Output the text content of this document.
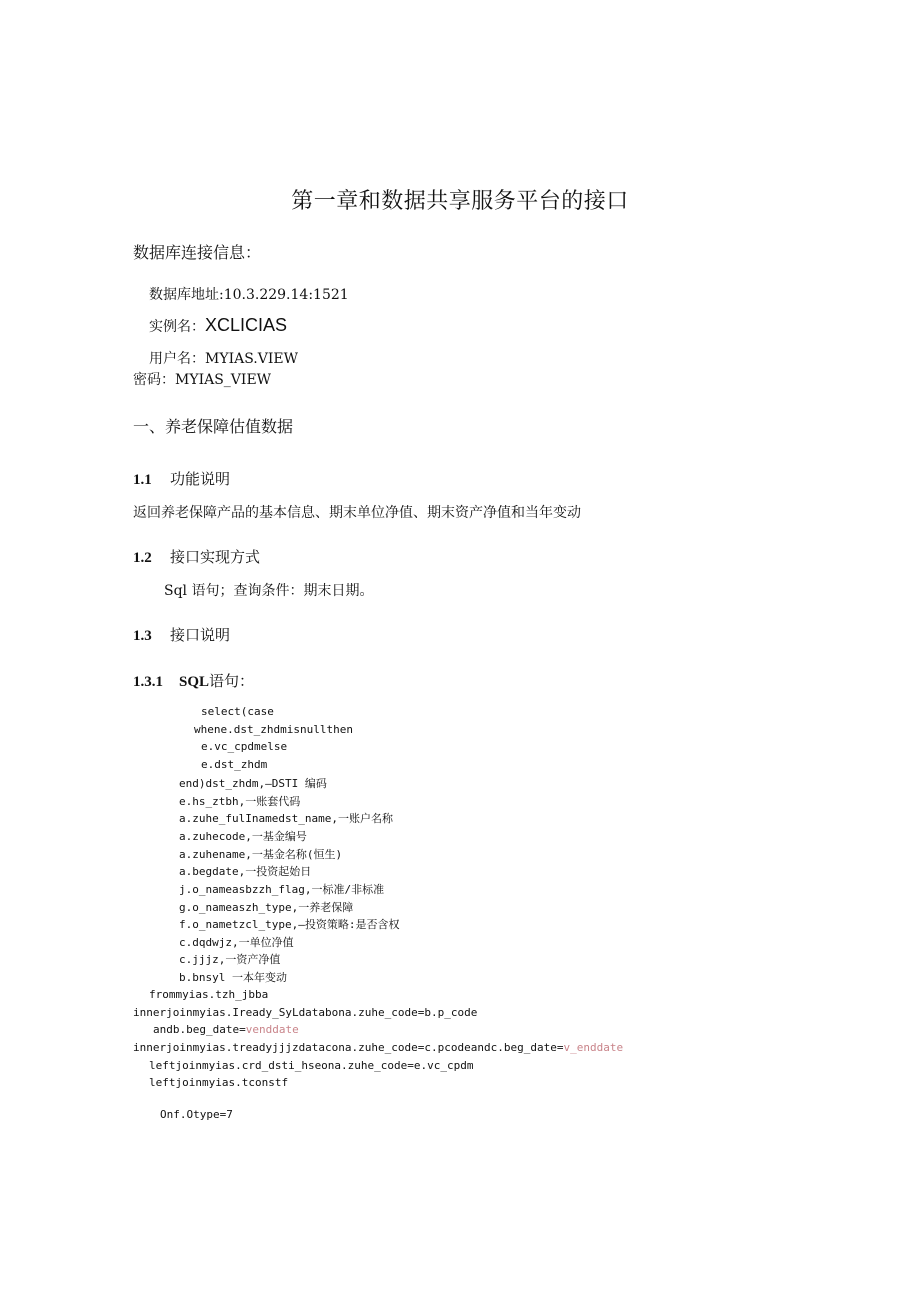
第一章和数据共享服务平台的接口
数据库连接信息：
数据库地址:10.3.229.14:1521
实例名：XCLICIAS
用户名：MYIAS.VIEW
密码：MYIAS_VIEW
一、养老保障估值数据
1.1 功能说明
返回养老保障产品的基本信息、期末单位净值、期末资产净值和当年变动
1.2 接口实现方式
Sql 语句；查询条件：期末日期。
1.3 接口说明
1.3.1 SQL语句：
select(case
whene.dst_zhdmisnullthen
e.vc_cpdmelse
e.dst_zhdm
end)dst_zhdm,—DSTI 编码
e.hs_ztbh,一账套代码
a.zuhe_fulInamedst_name,一账户名称
a.zuhecode,一基金编号
a.zuhename,一基金名称(恒生)
a.begdate,一投资起始日
j.o_nameasbzzh_flag,一标准/非标准
g.o_nameaszh_type,一养老保障
f.o_nametzcl_type,—投资策略:是否含权
c.dqdwjz,一单位净值
c.jjjz,一资产净值
b.bnsyl 一本年变动
frommyias.tzh_jbba
innerjoinmyias.Iready_SyLdatabona.zuhe_code=b.p_code
andb.beg_date=venddate
innerjoinmyias.treadyjjjzdatacona.zuhe_code=c.pcodeandc.beg_date=v_enddate
leftjoinmyias.crd_dsti_hseona.zuhe_code=e.vc_cpdm
leftjoinmyias.tconstf
Onf.Otype=7
